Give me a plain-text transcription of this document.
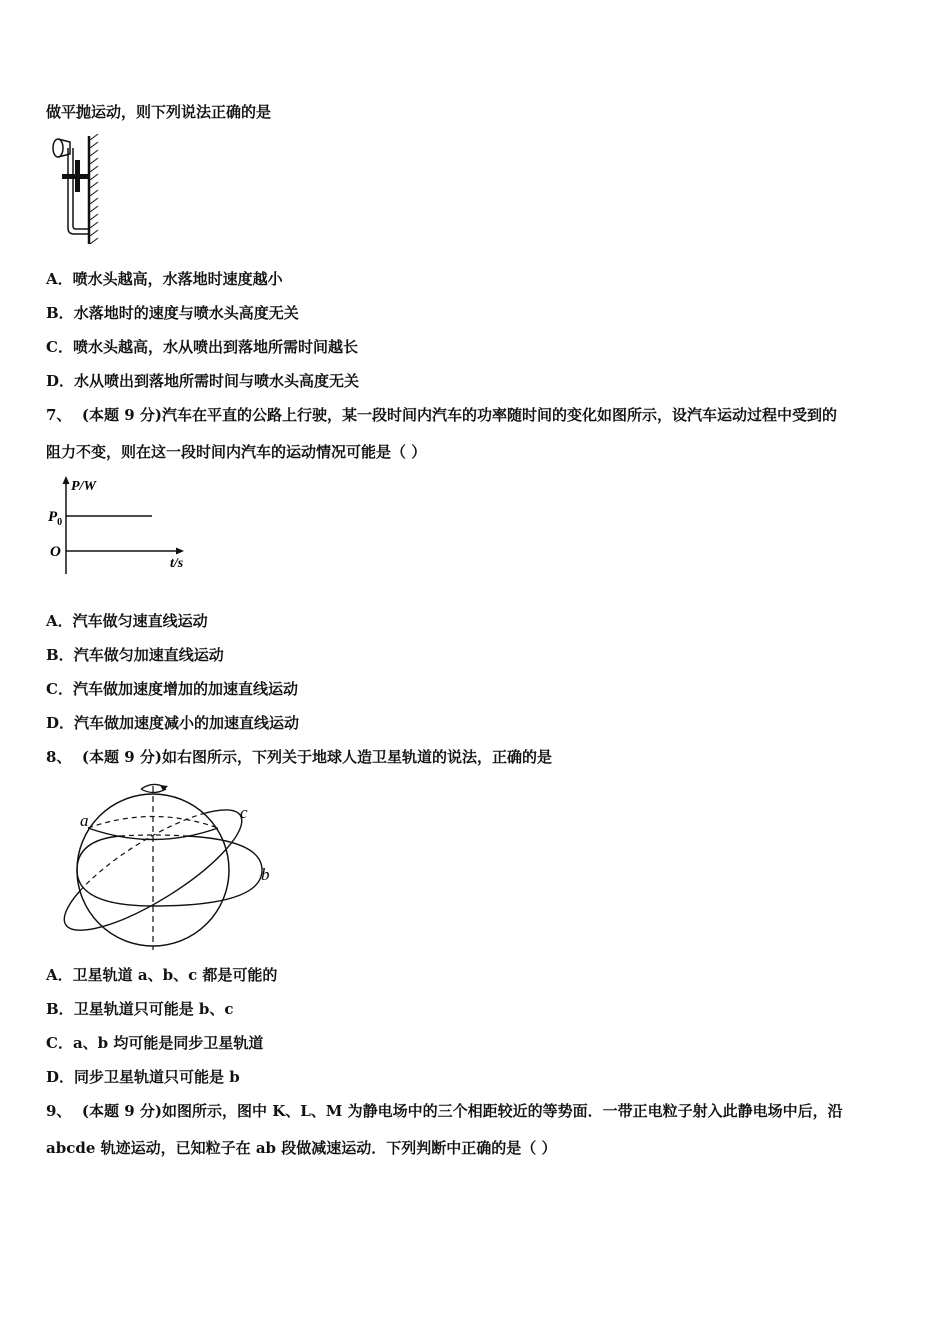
做平抛运动，则下列说法正确的是
A．喷水头越高，水落地时速度越小
B．水落地时的速度与喷水头高度无关
C．喷水头越高，水从喷出到落地所需时间越长
D．水从喷出到落地所需时间与喷水头高度无关
7、 (本题 9 分)汽车在平直的公路上行驶，某一段时间内汽车的功率随时间的变化如图所示，设汽车运动过程中受到的
阻力不变，则在这一段时间内汽车的运动情况可能是（ ）
P/W
$P_0$
O
t/s
A．汽车做匀速直线运动
B．汽车做匀加速直线运动
C．汽车做加速度增加的加速直线运动
D．汽车做加速度减小的加速直线运动
8、 (本题 9 分)如右图所示，下列关于地球人造卫星轨道的说法，正确的是
a	c
b
A．卫星轨道 a、b、c 都是可能的
B．卫星轨道只可能是 b、c
C．a、b 均可能是同步卫星轨道
D．同步卫星轨道只可能是 b
9、 (本题 9 分)如图所示，图中 K、L、M 为静电场中的三个相距较近的等势面．一带正电粒子射入此静电场中后，沿
abcde 轨迹运动，已知粒子在 ab 段做减速运动．下列判断中正确的是（ ）
